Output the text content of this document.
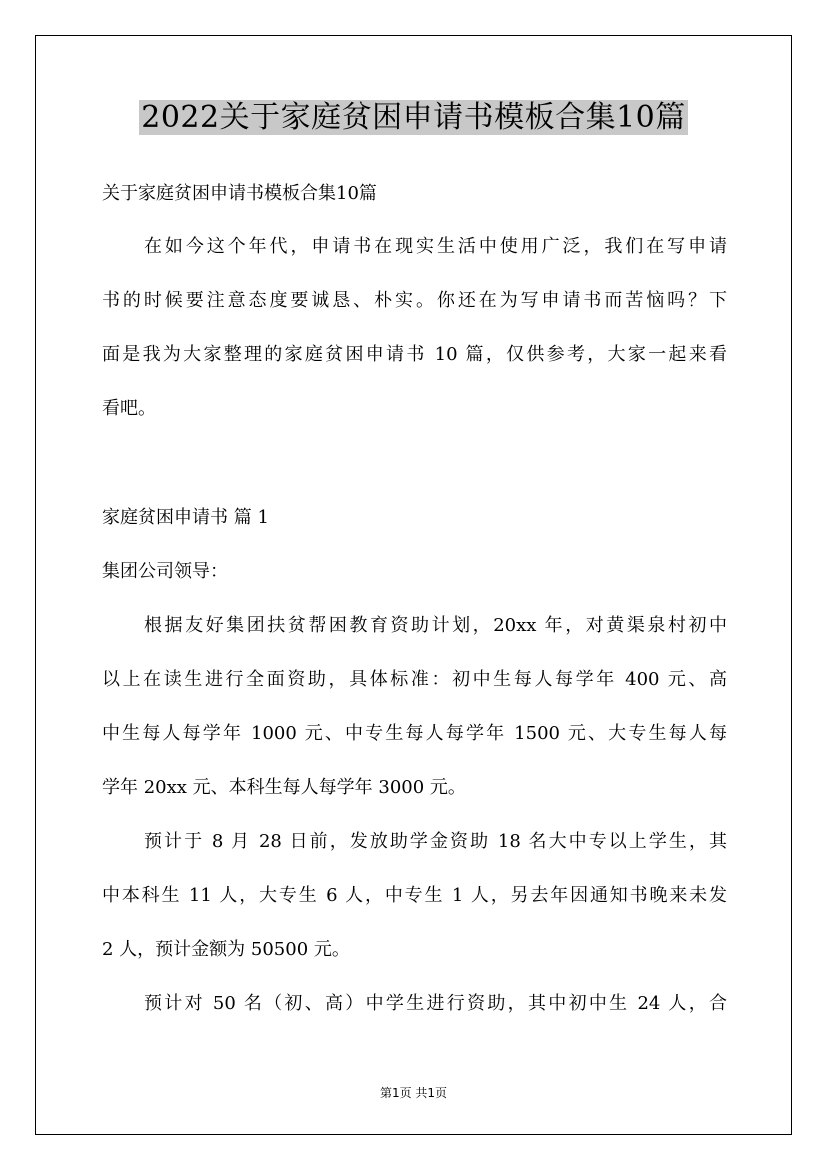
2022关于家庭贫困申请书模板合集10篇
关于家庭贫困申请书模板合集10篇
在如今这个年代，申请书在现实生活中使用广泛，我们在写申请
书的时候要注意态度要诚恳、朴实。你还在为写申请书而苦恼吗？下
面是我为大家整理的家庭贫困申请书 10 篇，仅供参考，大家一起来看
看吧。
家庭贫困申请书 篇 1
集团公司领导：
根据友好集团扶贫帮困教育资助计划，20xx 年，对黄渠泉村初中
以上在读生进行全面资助，具体标准：初中生每人每学年 400 元、高
中生每人每学年 1000 元、中专生每人每学年 1500 元、大专生每人每
学年 20xx 元、本科生每人每学年 3000 元。
预计于 8 月 28 日前，发放助学金资助 18 名大中专以上学生，其
中本科生 11 人，大专生 6 人，中专生 1 人，另去年因通知书晚来未发
2 人，预计金额为 50500 元。
预计对 50 名（初、高）中学生进行资助，其中初中生 24 人，合
第1页 共1页
